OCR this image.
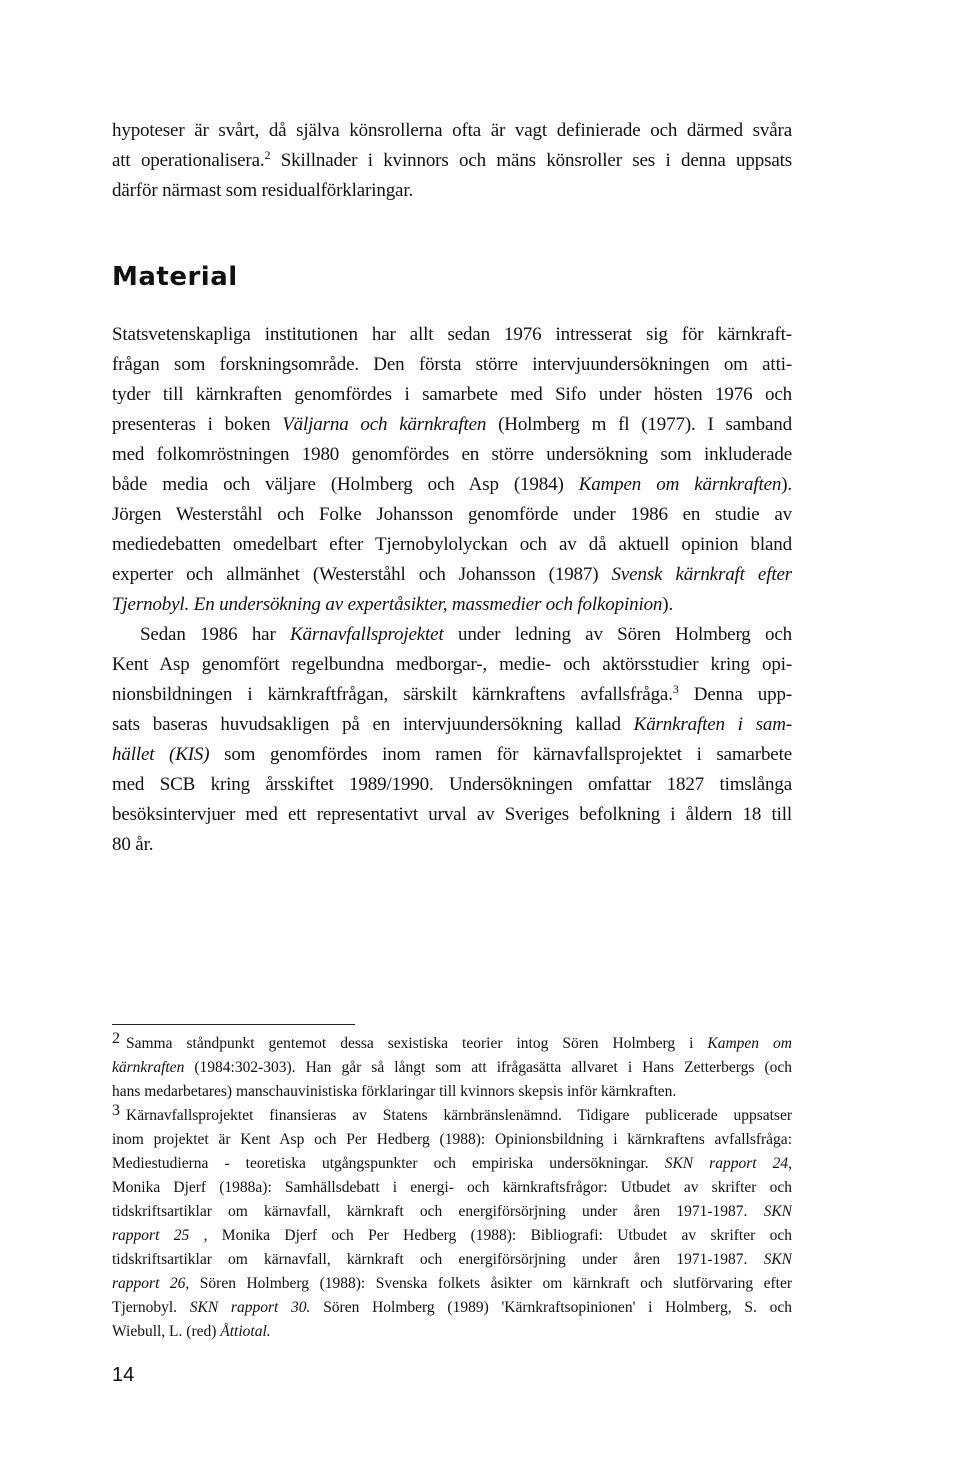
hypoteser är svårt, då själva könsrollerna ofta är vagt definierade och därmed svåra
att operationalisera.$^2$ Skillnader i kvinnors och mäns könsroller ses i denna uppsats
därför närmast som residualförklaringar.
Material
Statsvetenskapliga institutionen har allt sedan 1976 intresserat sig för kärnkraft-
frågan som forskningsområde. Den första större intervjuundersökningen om atti-
tyder till kärnkraften genomfördes i samarbete med Sifo under hösten 1976 och
presenteras i boken Väljarna och kärnkraften (Holmberg m fl (1977). I samband
med folkomröstningen 1980 genomfördes en större undersökning som inkluderade
både media och väljare (Holmberg och Asp (1984) Kampen om kärnkraften).
Jörgen Westerståhl och Folke Johansson genomförde under 1986 en studie av
mediedebatten omedelbart efter Tjernobylolyckan och av då aktuell opinion bland
experter och allmänhet (Westerståhl och Johansson (1987) Svensk kärnkraft efter
Tjernobyl. En undersökning av expertåsikter, massmedier och folkopinion).
Sedan 1986 har Kärnavfallsprojektet under ledning av Sören Holmberg och
Kent Asp genomfört regelbundna medborgar-, medie- och aktörsstudier kring opi-
nionsbildningen i kärnkraftfrågan, särskilt kärnkraftens avfallsfråga.$^3$ Denna upp-
sats baseras huvudsakligen på en intervjuundersökning kallad Kärnkraften i sam-
hället (KIS) som genomfördes inom ramen för kärnavfallsprojektet i samarbete
med SCB kring årsskiftet 1989/1990. Undersökningen omfattar 1827 timslånga
besöksintervjuer med ett representativt urval av Sveriges befolkning i åldern 18 till
80 år.
2 Samma ståndpunkt gentemot dessa sexistiska teorier intog Sören Holmberg i Kampen om
kärnkraften (1984:302-303). Han går så långt som att ifrågasätta allvaret i Hans Zetterbergs (och
hans medarbetares) manschauvinistiska förklaringar till kvinnors skepsis inför kärnkraften.
3 Kärnavfallsprojektet finansieras av Statens kärnbränslenämnd. Tidigare publicerade uppsatser
inom projektet är Kent Asp och Per Hedberg (1988): Opinionsbildning i kärnkraftens avfallsfråga:
Mediestudierna - teoretiska utgångspunkter och empiriska undersökningar. SKN rapport 24,
Monika Djerf (1988a): Samhällsdebatt i energi- och kärnkraftsfrågor: Utbudet av skrifter och
tidskriftsartiklar om kärnavfall, kärnkraft och energiförsörjning under åren 1971-1987. SKN
rapport 25 , Monika Djerf och Per Hedberg (1988): Bibliografi: Utbudet av skrifter och
tidskriftsartiklar om kärnavfall, kärnkraft och energiförsörjning under åren 1971-1987. SKN
rapport 26, Sören Holmberg (1988): Svenska folkets åsikter om kärnkraft och slutförvaring efter
Tjernobyl. SKN rapport 30. Sören Holmberg (1989) 'Kärnkraftsopinionen' i Holmberg, S. och
Wiebull, L. (red) Åttiotal.
14
